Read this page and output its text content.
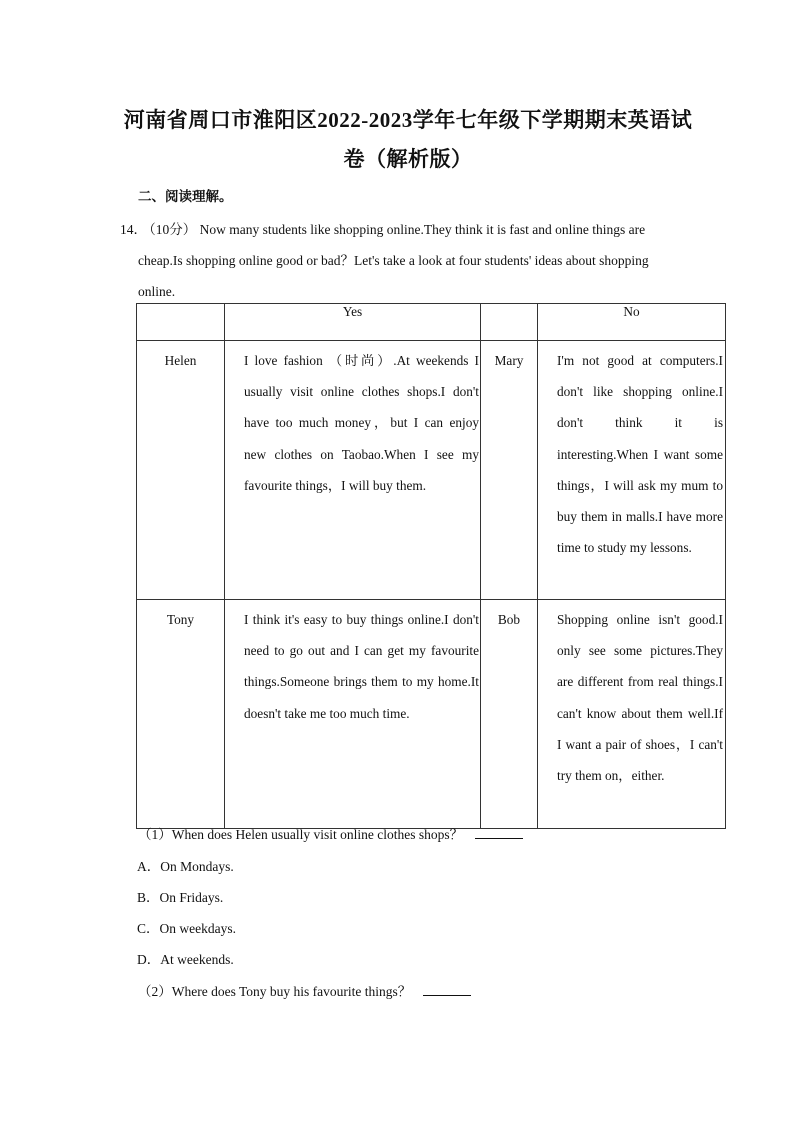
河南省周口市淮阳区2022-2023学年七年级下学期期末英语试
卷（解析版）
二、阅读理解。
14． （10分） Now many students like shopping online.They think it is fast and online things are
cheap.Is shopping online good or bad？Let's take a look at four students' ideas about shopping
online.
	Yes		No
Helen	I love fashion （时尚）.At weekends I usually visit online clothes shops.I don't have too much money，but I can enjoy new clothes on Taobao.When I see my favourite things，I will buy them.	Mary	I'm not good at computers.I don't like shopping online.I don't think it is interesting.When I want some things，I will ask my mum to buy them in malls.I have more time to study my lessons.
Tony	I think it's easy to buy things online.I don't need to go out and I can get my favourite things.Someone brings them to my home.It doesn't take me too much time.	Bob	Shopping online isn't good.I only see some pictures.They are different from real things.I can't know about them well.If I want a pair of shoes，I can't try them on，either.
（1）When does Helen usually visit online clothes shops？
A．On Mondays.
B．On Fridays.
C．On weekdays.
D．At weekends.
（2）Where does Tony buy his favourite things？
